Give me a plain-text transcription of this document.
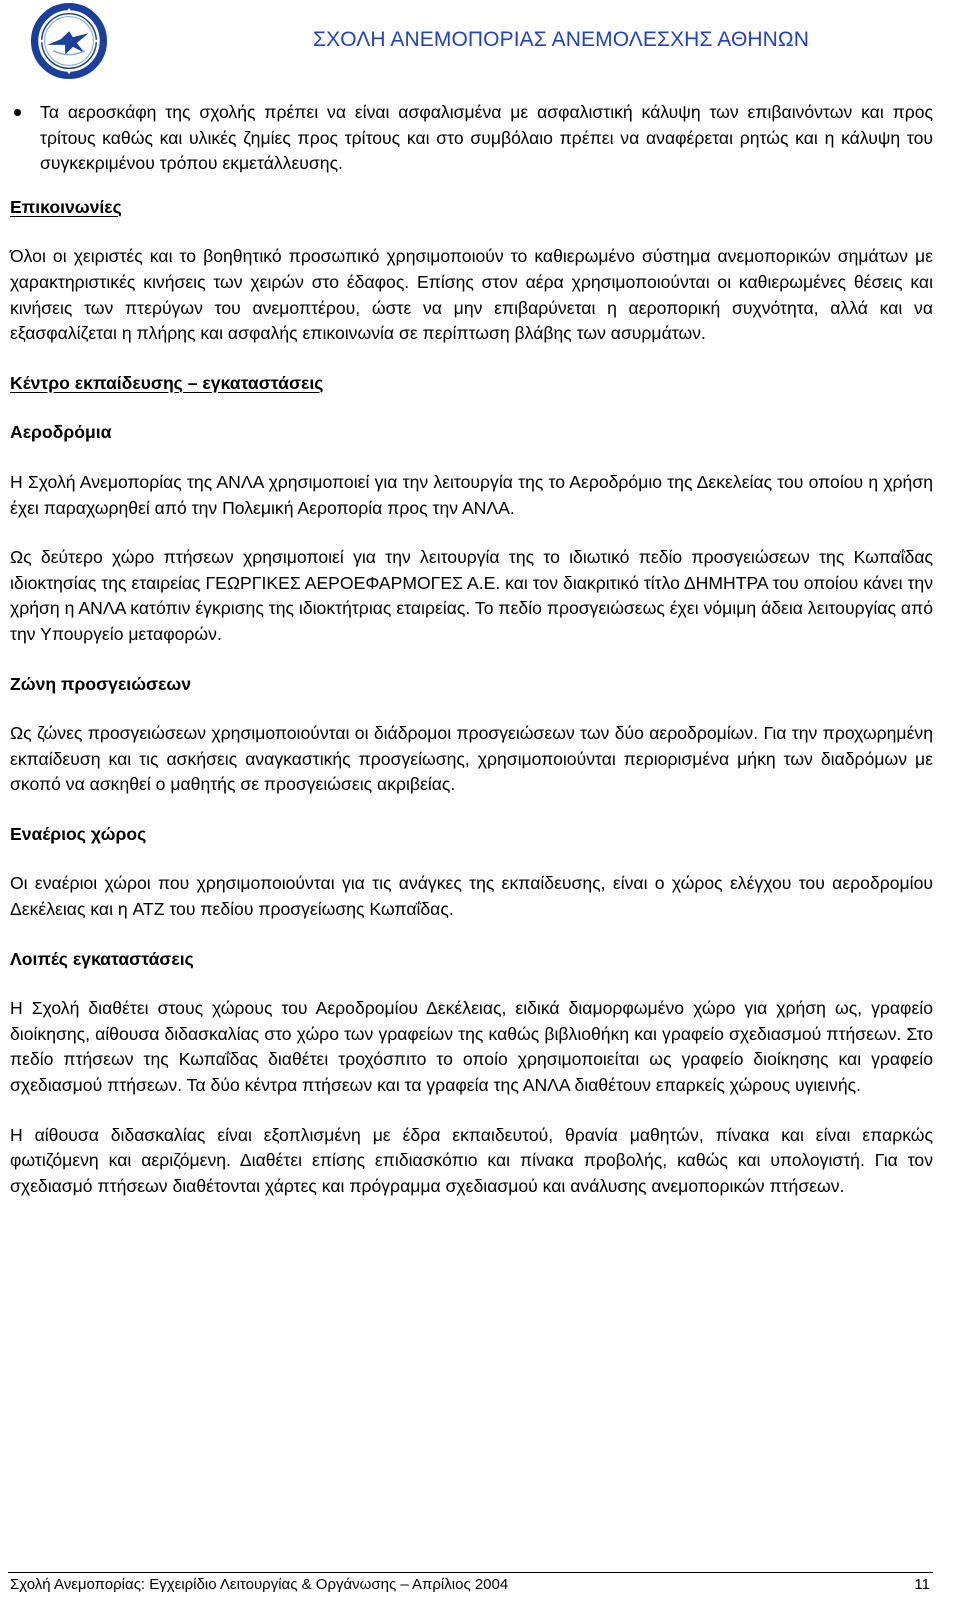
ΣΧΟΛΗ ΑΝΕΜΟΠΟΡΙΑΣ ΑΝΕΜΟΛΕΣΧΗΣ ΑΘΗΝΩΝ
Τα αεροσκάφη της σχολής πρέπει να είναι ασφαλισμένα με ασφαλιστική κάλυψη των επιβαινόντων και προς τρίτους καθώς και υλικές ζημίες προς τρίτους και στο συμβόλαιο πρέπει να αναφέρεται ρητώς και η κάλυψη του συγκεκριμένου τρόπου εκμετάλλευσης.
Επικοινωνίες

Όλοι οι χειριστές και το βοηθητικό προσωπικό χρησιμοποιούν το καθιερωμένο σύστημα ανεμοπορικών σημάτων με χαρακτηριστικές κινήσεις των χειρών στο έδαφος. Επίσης στον αέρα χρησιμοποιούνται οι καθιερωμένες θέσεις και κινήσεις των πτερύγων του ανεμοπτέρου, ώστε να μην επιβαρύνεται η αεροπορική συχνότητα, αλλά και να εξασφαλίζεται η πλήρης και ασφαλής επικοινωνία σε περίπτωση βλάβης των ασυρμάτων.

Κέντρο εκπαίδευσης – εγκαταστάσεις
Αεροδρόμια

Η Σχολή Ανεμοπορίας της ΑΝΛΑ χρησιμοποιεί για την λειτουργία της το Αεροδρόμιο της Δεκελείας του οποίου η χρήση έχει παραχωρηθεί από την Πολεμική Αεροπορία προς την ΑΝΛΑ.

Ως δεύτερο χώρο πτήσεων χρησιμοποιεί για την λειτουργία της το ιδιωτικό πεδίο προσγειώσεων της Κωπαΐδας ιδιοκτησίας της εταιρείας ΓΕΩΡΓΙΚΕΣ ΑΕΡΟΕΦΑΡΜΟΓΕΣ Α.Ε. και τον διακριτικό τίτλο ΔΗΜΗΤΡΑ του οποίου κάνει την χρήση η ΑΝΛΑ κατόπιν έγκρισης της ιδιοκτήτριας εταιρείας. Το πεδίο προσγειώσεως έχει νόμιμη άδεια λειτουργίας από την Υπουργείο μεταφορών.

Ζώνη προσγειώσεων

Ως ζώνες προσγειώσεων χρησιμοποιούνται οι διάδρομοι προσγειώσεων των δύο αεροδρομίων. Για την προχωρημένη εκπαίδευση και τις ασκήσεις αναγκαστικής προσγείωσης, χρησιμοποιούνται περιορισμένα μήκη των διαδρόμων με σκοπό να ασκηθεί ο μαθητής σε προσγειώσεις ακριβείας.

Εναέριος χώρος

Οι εναέριοι χώροι που χρησιμοποιούνται για τις ανάγκες της εκπαίδευσης, είναι ο χώρος ελέγχου του αεροδρομίου Δεκέλειας και η ATZ του πεδίου προσγείωσης Κωπαΐδας.

Λοιπές εγκαταστάσεις

Η Σχολή διαθέτει στους χώρους του Αεροδρομίου Δεκέλειας, ειδικά διαμορφωμένο χώρο για χρήση ως, γραφείο διοίκησης, αίθουσα διδασκαλίας στο χώρο των γραφείων της καθώς βιβλιοθήκη και γραφείο σχεδιασμού πτήσεων. Στο πεδίο πτήσεων της Κωπαΐδας διαθέτει τροχόσπιτο το οποίο χρησιμοποιείται ως γραφείο διοίκησης και γραφείο σχεδιασμού πτήσεων. Τα δύο κέντρα πτήσεων και τα γραφεία της ΑΝΛΑ διαθέτουν επαρκείς χώρους υγιεινής.

Η αίθουσα διδασκαλίας είναι εξοπλισμένη με έδρα εκπαιδευτού, θρανία μαθητών, πίνακα και είναι επαρκώς φωτιζόμενη και αεριζόμενη. Διαθέτει επίσης επιδιασκόπιο και πίνακα προβολής, καθώς και υπολογιστή. Για τον σχεδιασμό πτήσεων διαθέτονται χάρτες και πρόγραμμα σχεδιασμού και ανάλυσης ανεμοπορικών πτήσεων.

Σχολή Ανεμοπορίας: Εγχειρίδιο Λειτουργίας & Οργάνωσης – Απρίλιος 2004	11
